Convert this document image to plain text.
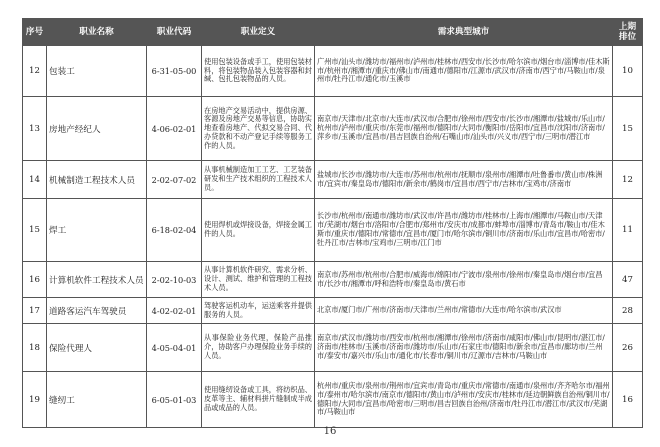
序号	职业名称	职业代码	职业定义	需求典型城市	上期排位
12	包装工	6-31-05-00	使用包装设备或手工，使用包装材料，将包装物品装入包装容器和封缄、包扎包装物品的人员。	广州市/汕头市/潍坊市/福州市/泸州市/桂林市/西安市/长沙市/哈尔滨市/烟台市/淄博市/佳木斯市/杭州市/湘潭市/重庆市/佛山市/南通市/德阳市/江源市/武汉市/济南市/西宁市/马鞍山市/泉州市/牡丹江市/通化市/玉溪市	10
13	房地产经纪人	4-06-02-01	在房地产交易活动中，提供房源、客源及房地产交易等信息，协助实地查看房地产、代拟交易合同、代办贷款和不动产登记手续等服务工作的人员。	南京市/天津市/北京市/大连市/武汉市/合肥市/徐州市/西安市/长沙市/湘潭市/盐城市/乐山市/杭州市/泸州市/重庆市/东莞市/福州市/德阳市/大同市/衡阳市/岳阳市/宜昌市/沈阳市/济南市/萍乡市/玉溪市/宜昌市/昌吉回族自治州/石嘴山市/汕头市/兴义市/西宁市/三明市/潜江市	15
14	机械制造工程技术人员	2-02-07-02	从事机械制造加工工艺、工艺装备研发和生产技术组织的工程技术人员。	盐城市/长沙市/潍坊市/大连市/苏州市/杭州市/抚顺市/泉州市/湘潭市/吐鲁番市/黄山市/株洲市/宜宾市/秦皇岛市/德阳市/新余市/鹤岗市/宜昌市/西宁市/吉林市/宝鸡市/济南市	12
15	焊工	6-18-02-04	使用焊机或焊接设备，焊接金属工件的人员。	长沙市/杭州市/南通市/潍坊市/武汉市/许昌市/潍坊市/桂林市/上海市/湘潭市/马鞍山市/天津市/芜湖市/烟台市/洛阳市/合肥市/郑州市/安庆市/成都市/蚌埠市/淄博市/青岛市/鞍山市/佳木斯市/重庆市/德阳市/常德市/宜昌市/厦门市/哈尔滨市/铜川市/济南市/乐山市/宜昌市/哈密市/牡丹江市/吉林市/宝鸡市/三明市/江门市	11
16	计算机软件工程技术人员	2-02-10-03	从事计算机软件研究、需求分析、设计、测试、维护和管理的工程技术人员。	南京市/苏州市/杭州市/合肥市/威海市/绵阳市/宁波市/泉州市/徐州市/秦皇岛市/烟台市/宜昌市/长沙市/湘潭市/呼和浩特市/秦皇岛市/黄石市	47
17	道路客运汽车驾驶员	4-02-02-01	驾驶客运机动车，运送乘客并提供服务的人员。	北京市/厦门市/广州市/济南市/天津市/兰州市/常德市/大连市/哈尔滨市/武汉市	28
18	保险代理人	4-05-04-01	从事保险业务代理，保险产品推介，协助客户办理保险业务手续的人员。	南京市/武汉市/潍坊市/西安市/杭州市/湘潭市/徐州市/济南市/咸阳市/佛山市/昆明市/湛江市/济南市/桂林市/玉溪市/济南市/潍坊市/乐山市/石家庄市/德阳市/新余市/宜昌市/廊坊市/兰州市/泰安市/嘉兴市/乐山市/通化市/长春市/铜川市/辽源市/吉林市/马鞍山市	26
19	缝纫工	6-05-01-03	使用缝纫设备或工具，将纺织品、皮革等主、辅材料拼片缝制成半成品或成品的人员。	杭州市/重庆市/泉州市/荆州市/宜宾市/青岛市/重庆市/常德市/南通市/泉州市/齐齐哈尔市/福州市/泰州市/哈尔滨市/南京市/德阳市/黄山市/泸州市/安庆市/桂林市/延边朝鲜族自治州/铜川市/德阳市/大同市/宜昌市/哈密市/三明市/昌吉回族自治州/济南市/牡丹江市/潜江市/武汉市/芜湖市/马鞍山市	16
16
